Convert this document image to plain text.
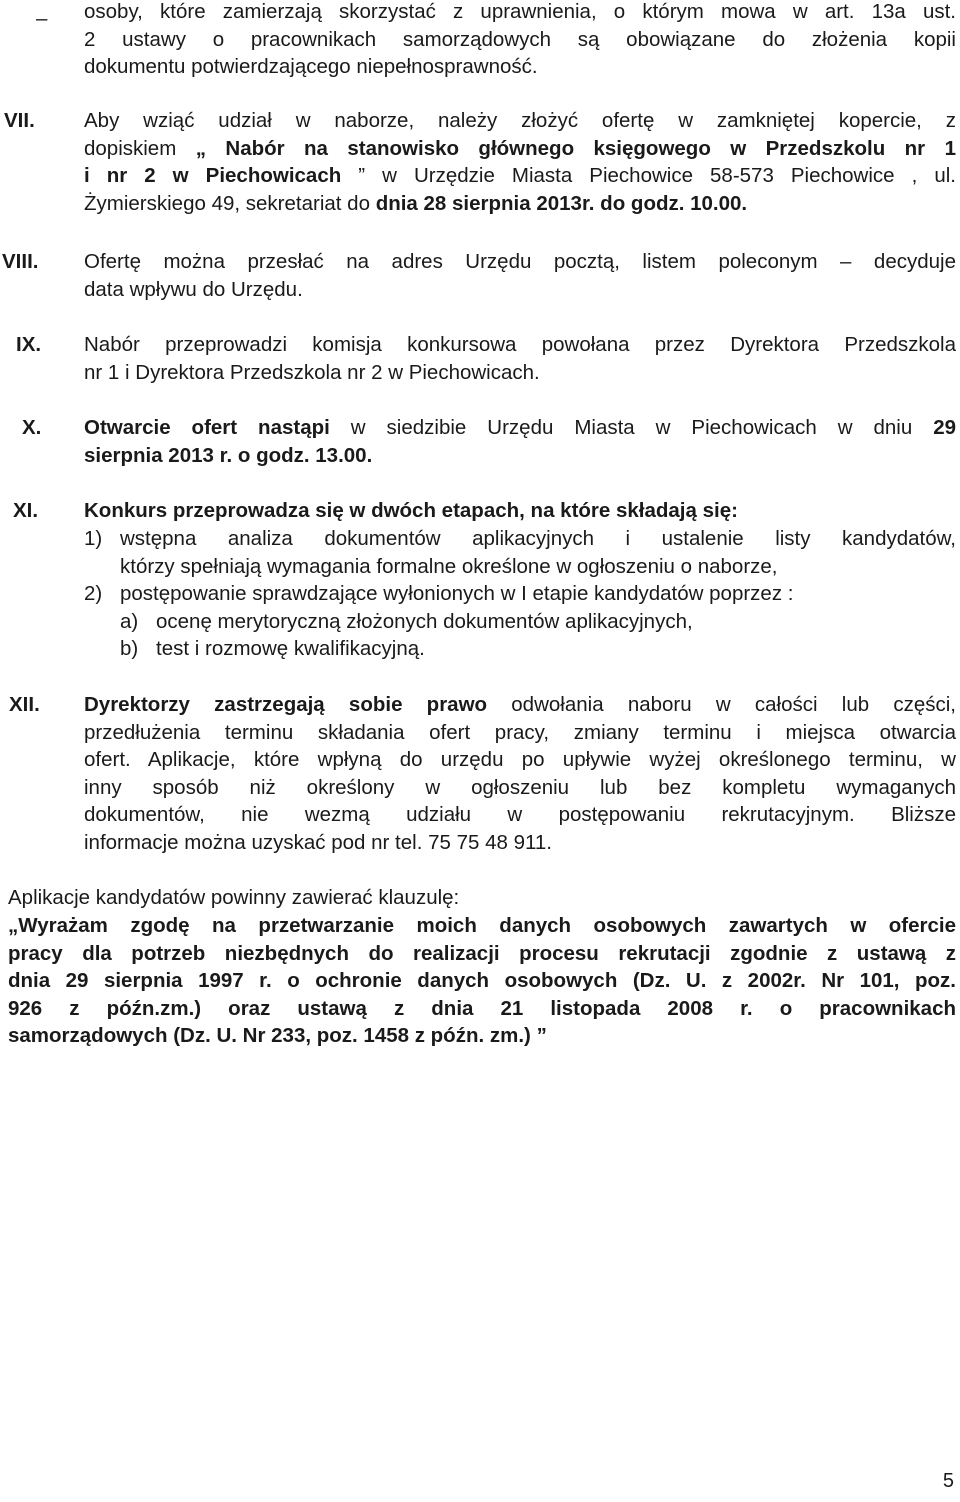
– osoby, które zamierzają skorzystać z uprawnienia, o którym mowa w art. 13a ust.
2 ustawy o pracownikach samorządowych są obowiązane do złożenia kopii
dokumentu potwierdzającego niepełnosprawność.
VII. Aby wziąć udział w naborze, należy złożyć ofertę w zamkniętej kopercie, z
dopiskiem „ Nabór na stanowisko głównego księgowego w Przedszkolu nr 1
i nr 2 w Piechowicach ” w Urzędzie Miasta Piechowice 58-573 Piechowice , ul.
Żymierskiego 49, sekretariat do dnia 28 sierpnia 2013r. do godz. 10.00.
VIII. Ofertę można przesłać na adres Urzędu pocztą, listem poleconym – decyduje
data wpływu do Urzędu.
IX. Nabór przeprowadzi komisja konkursowa powołana przez Dyrektora Przedszkola
nr 1 i Dyrektora Przedszkola nr 2 w Piechowicach.
X. Otwarcie ofert nastąpi w siedzibie Urzędu Miasta w Piechowicach w dniu 29
sierpnia 2013 r. o godz. 13.00.
XI. Konkurs przeprowadza się w dwóch etapach, na które składają się:
1) wstępna analiza dokumentów aplikacyjnych i ustalenie listy kandydatów,
którzy spełniają wymagania formalne określone w ogłoszeniu o naborze,
2) postępowanie sprawdzające wyłonionych w I etapie kandydatów poprzez :
a) ocenę merytoryczną złożonych dokumentów aplikacyjnych,
b) test i rozmowę kwalifikacyjną.
XII. Dyrektorzy zastrzegają sobie prawo odwołania naboru w całości lub części,
przedłużenia terminu składania ofert pracy, zmiany terminu i miejsca otwarcia
ofert. Aplikacje, które wpłyną do urzędu po upływie wyżej określonego terminu, w
inny sposób niż określony w ogłoszeniu lub bez kompletu wymaganych
dokumentów, nie wezmą udziału w postępowaniu rekrutacyjnym. Bliższe
informacje można uzyskać pod nr tel. 75 75 48 911.
Aplikacje kandydatów powinny zawierać klauzulę:
„Wyrażam zgodę na przetwarzanie moich danych osobowych zawartych w ofercie
pracy dla potrzeb niezbędnych do realizacji procesu rekrutacji zgodnie z ustawą z
dnia 29 sierpnia 1997 r. o ochronie danych osobowych (Dz. U. z 2002r. Nr 101, poz.
926 z późn.zm.) oraz ustawą z dnia 21 listopada 2008 r. o pracownikach
samorządowych (Dz. U. Nr 233, poz. 1458 z późn. zm.) ”
5
